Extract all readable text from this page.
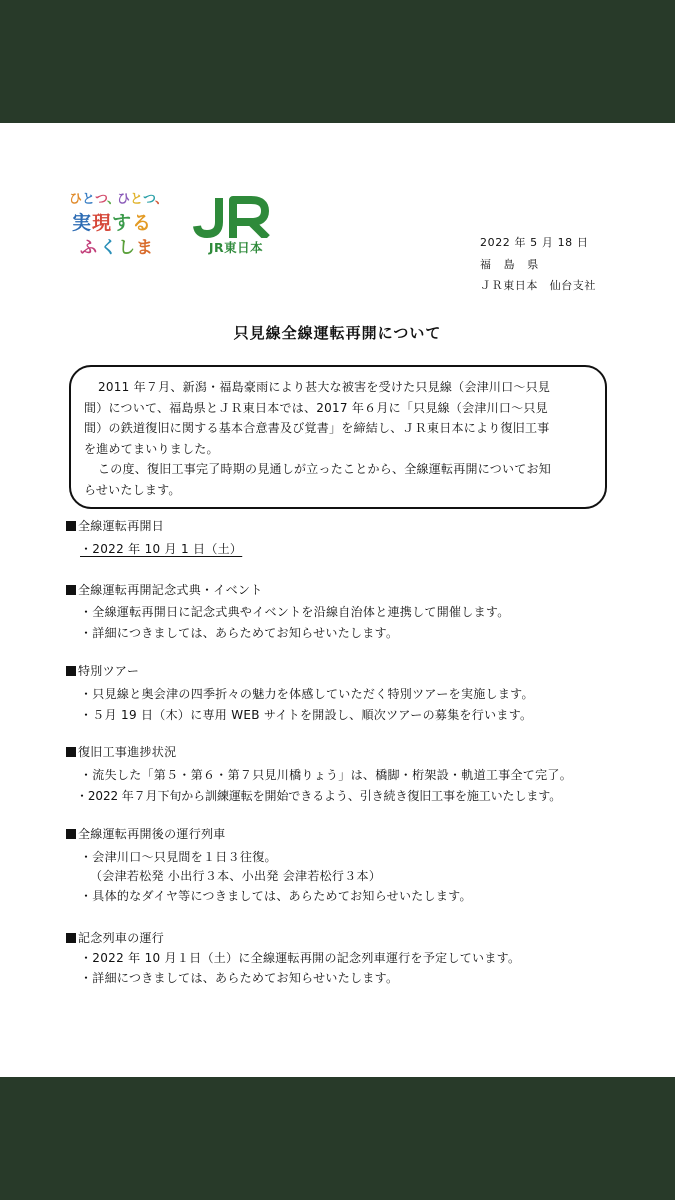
ひ と つ
、
ひ と つ
、
実 現 す る
ふ く し ま	JR東日本	2022 年 5 月 18 日
福島県
ＪＲ東日本　仙台支社
只見線全線運転再開について
2011 年７月、新潟・福島豪雨により甚大な被害を受けた只見線（会津川口～只見
間）について、福島県とＪＲ東日本では、2017 年６月に「只見線（会津川口～只見
間）の鉄道復旧に関する基本合意書及び覚書」を締結し、ＪＲ東日本により復旧工事
を進めてまいりました。
この度、復旧工事完了時期の見通しが立ったことから、全線運転再開についてお知
らせいたします。
全線運転再開日
・2022 年 10 月 1 日（土）
全線運転再開記念式典・イベント
・全線運転再開日に記念式典やイベントを沿線自治体と連携して開催します。
・詳細につきましては、あらためてお知らせいたします。
特別ツアー
・只見線と奥会津の四季折々の魅力を体感していただく特別ツアーを実施します。
・５月 19 日（木）に専用 WEB サイトを開設し、順次ツアーの募集を行います。
復旧工事進捗状況
・流失した「第５・第６・第７只見川橋りょう」は、橋脚・桁架設・軌道工事全て完了。
・2022 年７月下旬から訓練運転を開始できるよう、引き続き復旧工事を施工いたします。
全線運転再開後の運行列車
・会津川口～只見間を１日３往復。
（会津若松発 小出行３本、小出発 会津若松行３本）
・具体的なダイヤ等につきましては、あらためてお知らせいたします。
記念列車の運行
・2022 年 10 月１日（土）に全線運転再開の記念列車運行を予定しています。
・詳細につきましては、あらためてお知らせいたします。
